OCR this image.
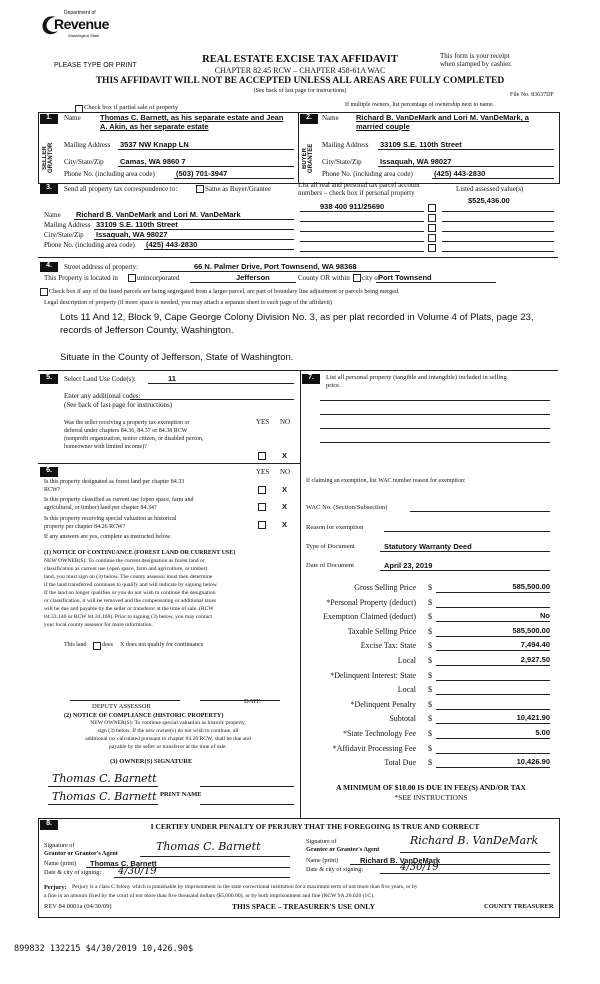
Department of
Revenue
Washington State
PLEASE TYPE OR PRINT
REAL ESTATE EXCISE TAX AFFIDAVIT
CHAPTER 82.45 RCW – CHAPTER 458-61A WAC
This form is your receipt
when stamped by cashier.
THIS AFFIDAVIT WILL NOT BE ACCEPTED UNLESS ALL AREAS ARE FULLY COMPLETED
(See back of last page for instructions)
File No. 83637DF
Check box if partial sale of property	If multiple owners, list percentage of ownership next to name.
1.
SELLER GRANTOR
Name	Thomas C. Barnett, as his separate estate and Jean
A. Akin, as her separate estate
Mailing Address 3537 NW Knapp LN
City/State/Zip Camas, WA 9860 7
Phone No. (including area code)	(503) 701-3947
2.
BUYER GRANTEE
Name Richard B. VanDeMark and Lori M. VanDeMark, a
married couple
Mailing Address 33109 S.E. 110th Street
City/State/Zip Issaquah, WA 98027
Phone No. (including area code)	(425) 443-2830
3.	Send all property tax correspondence to:	Same as Buyer/Grantee	List all real and personal tax parcel account
numbers – check box if personal property	Listed assessed value(s)
938 400 911/25690
$525,436.00
Name Richard B. VanDeMark and Lori M. VanDeMark
Mailing Address 33109 S.E. 110th Street
City/State/Zip Issaquah, WA 98027
Phone No. (including area code) (425) 443-2830
4.	Street address of property:	66 N. Palmer Drive, Port Townsend, WA 98368
This Property is located in	unincorporated	Jefferson	County OR within city of
Port Townsend
Check box if any of the listed parcels are being segregated from a larger parcel, are part of boundary line adjustment or parcels being merged.
Legal description of property (if more space is needed, you may attach a separate sheet to each page of the affidavit)
Lots 11 And 12, Block 9, Cape George Colony Division No. 3, as per plat recorded in Volume 4 of Plats, page 23,
records of Jefferson County, Washington.
Situate in the County of Jefferson, State of Washington.
5.	Select Land Use Code(s):	11
Enter any additional codes:
(See back of last page for instructions)
YES NO
Was the seller receiving a property tax exemption or
deferral under chapters 84.36, 84.37 or 84.38 RCW
(nonprofit organization, senior citizen, or disabled person,
homeowner with limited income)?
X
6.	YES NO
Is this property designated as forest land per chapter 84.33
RCW?	X
Is this property classified as current use (open space, farm and
agricultural, or timber) land per chapter 84.34?	X
Is this property receiving special valuation as historical
property per chapter 84.26 RCW?	X
If any answers are yes, complete as instructed below.
(1) NOTICE OF CONTINUANCE (FOREST LAND OR CURRENT USE)
NEW OWNER(S): To continue the current designation as forest land or
classification as current use (open space, farm and agriculture, or timber)
land, you must sign on (3) below. The county assessor must then determine
if the land transferred continues to qualify and will indicate by signing below.
If the land no longer qualifies or you do not wish to continue the designation
or classification, it will be removed and the compensating or additional taxes
will be due and payable by the seller or transferor at the time of sale. (RCW
84.33.140 or RCW 84.34.108). Prior to signing (3) below, you may contact
your local county assessor for more information.
This land	does X does not qualify for continuance
DEPUTY ASSESSOR
DATE
(2) NOTICE OF COMPLIANCE (HISTORIC PROPERTY)
NEW OWNER(S): To continue special valuation as historic property,
sign (3) below. If the new owner(s) do not wish to continue, all
additional tax calculated pursuant to chapter 84.26 RCW, shall be due and
payable by the seller or transferor at the time of sale.
(3) OWNER(S) SIGNATURE
Thomas C. Barnett
Thomas C. Barnett PRINT NAME
7.	List all personal property (tangible and intangible) included in selling
price.
If claiming an exemption, list WAC number reason for exemption:
WAC No. (Section/Subsection)
Reason for exemption
Type of Document	Statutory Warranty Deed
Date of Document	April 23, 2019
Gross Selling Price $	585,500.00
*Personal Property (deduct) $
Exemption Claimed (deduct) $	No
Taxable Selling Price $	585,500.00
Excise Tax: State $	7,494.40
Local $	2,927.50
*Delinquent Interest: State $
Local $
*Delinquent Penalty $
Subtotal $	10,421.90
*State Technology Fee $	5.00
*Affidavit Processing Fee $
Total Due $	10,426.90
A MINIMUM OF $10.00 IS DUE IN FEE(S) AND/OR TAX
*SEE INSTRUCTIONS
8.	I CERTIFY UNDER PENALTY OF PERJURY THAT THE FOREGOING IS TRUE AND CORRECT
Signature of
Grantor or Grantor's Agent
Thomas C. Barnett
Name (print) Thomas C. Barnett
Date & city of signing: 4/30/19
Signature of
Grantee or Grantee's Agent
Richard B. VanDeMark
Name (print)	Richard B. VanDeMark
Date & city of signing:	4/30/19
Perjury: Perjury is a class C felony which is punishable by imprisonment in the state correctional institution for a maximum term of not more than five years, or by
a fine in an amount fixed by the court of not more than five thousand dollars ($5,000.00), or by both imprisonment and fine (RCW 9A.20.020 (1C).
REV 84 0001a (04/30/09)	THIS SPACE – TREASURER'S USE ONLY	COUNTY TREASURER
899832 132215 $4/30/2019 10,426.90$
